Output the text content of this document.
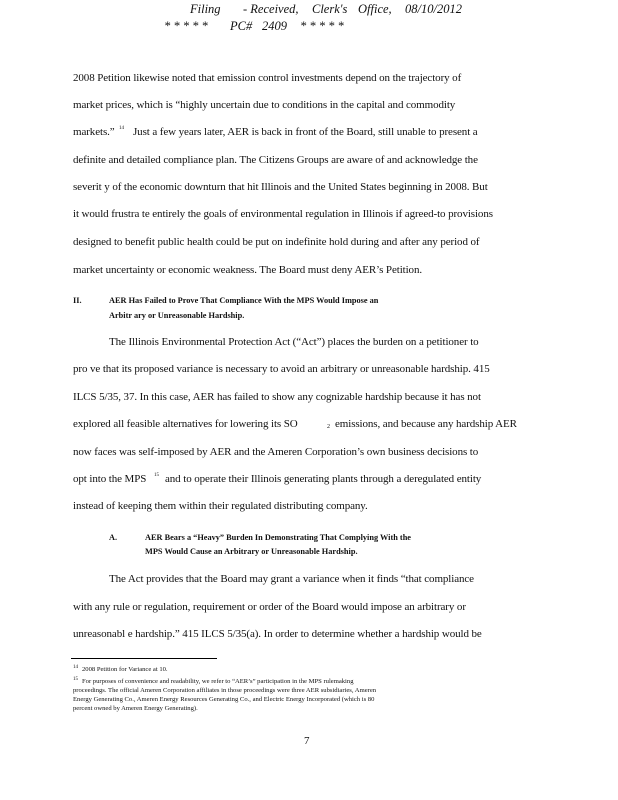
Filing - Received, Clerk's Office, 08/10/2012
* * * * * PC# 2409 * * * * *
2008 Petition likewise noted that emission control investments depend on the trajectory of
market prices, which is “highly uncertain due to conditions in the capital and commodity
markets.” 14 Just a few years later, AER is back in front of the Board, still unable to present a
definite and detailed compliance plan. The Citizens Groups are aware of and acknowledge the
severit y of the economic downturn that hit Illinois and the United States beginning in 2008. But
it would frustra te entirely the goals of environmental regulation in Illinois if agreed-to provisions
designed to benefit public health could be put on indefinite hold during and after any period of
market uncertainty or economic weakness. The Board must deny AER’s Petition.
II.	AER Has Failed to Prove That Compliance With the MPS Would Impose an
Arbitr ary or Unreasonable Hardship.
The Illinois Environmental Protection Act (“Act”) places the burden on a petitioner to
pro ve that its proposed variance is necessary to avoid an arbitrary or unreasonable hardship. 415
ILCS 5/35, 37. In this case, AER has failed to show any cognizable hardship because it has not
explored all feasible alternatives for lowering its SO	2 emissions, and because any hardship AER
now faces was self-imposed by AER and the Ameren Corporation’s own business decisions to
opt into the MPS 15 and to operate their Illinois generating plants through a deregulated entity
instead of keeping them within their regulated distributing company.
A.	AER Bears a “Heavy” Burden In Demonstrating That Complying With the
MPS Would Cause an Arbitrary or Unreasonable Hardship.
The Act provides that the Board may grant a variance when it finds “that compliance
with any rule or regulation, requirement or order of the Board would impose an arbitrary or
unreasonabl e hardship.” 415 ILCS 5/35(a). In order to determine whether a hardship would be
14 2008 Petition for Variance at 10.
15 For purposes of convenience and readability, we refer to “AER’s” participation in the MPS rulemaking
proceedings. The official Ameren Corporation affiliates in those proceedings were three AER subsidiaries, Ameren
Energy Generating Co., Ameren Energy Resources Generating Co., and Electric Energy Incorporated (which is 80
percent owned by Ameren Energy Generating).
7
